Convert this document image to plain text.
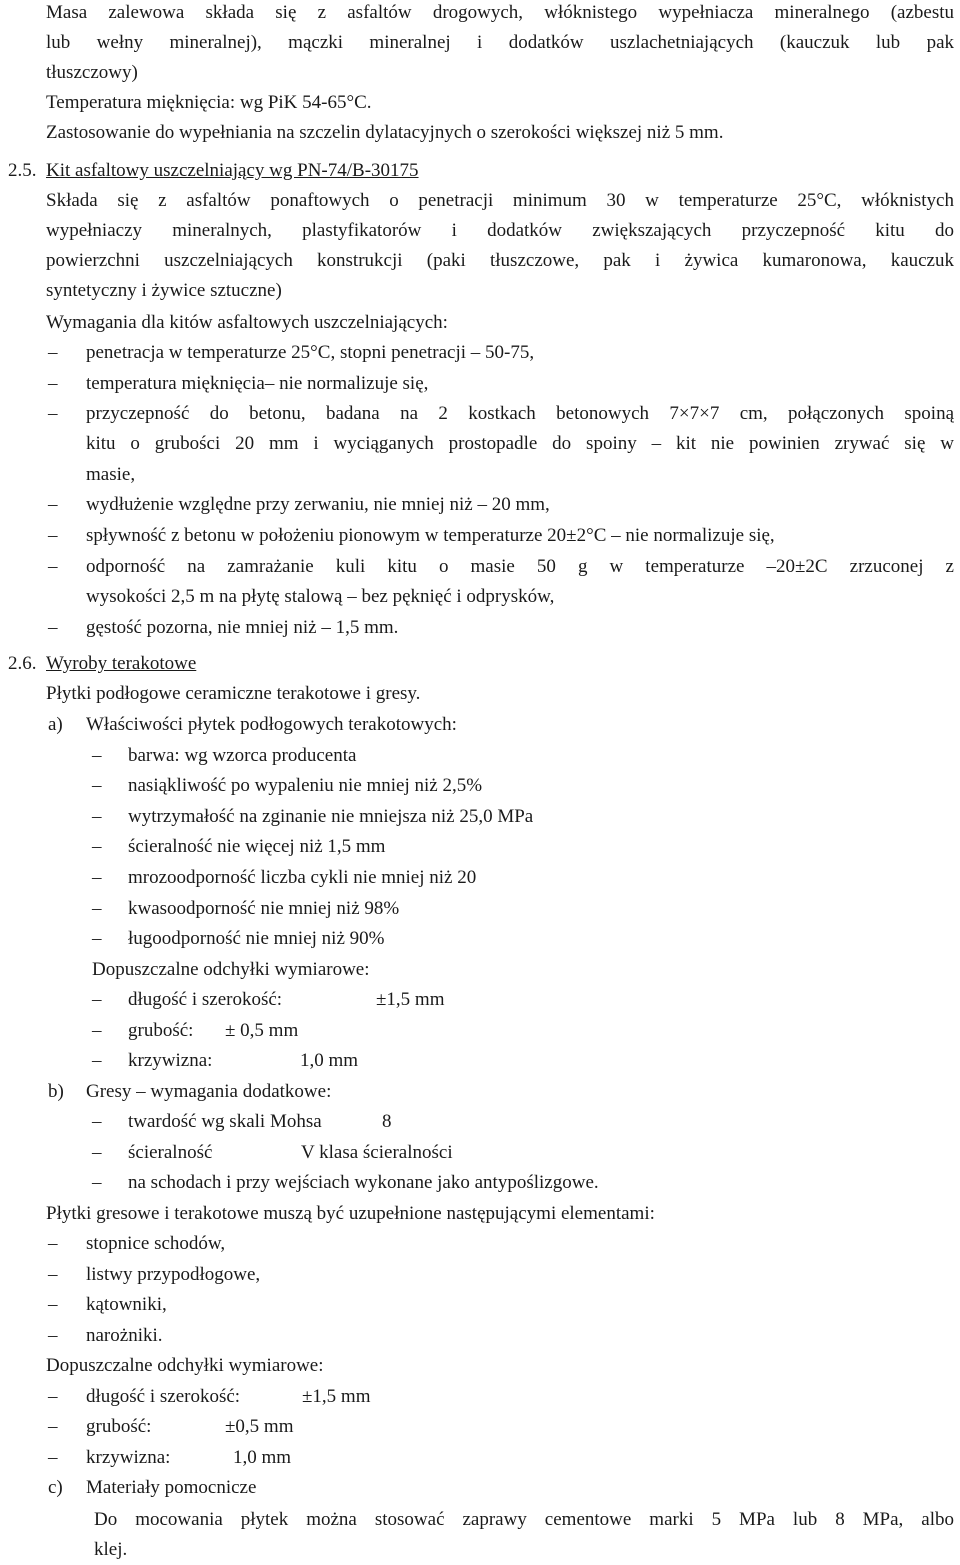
Masa zalewowa składa się z asfaltów drogowych, włóknistego wypełniacza mineralnego (azbestu
lub wełny mineralnej), mączki mineralnej i dodatków uszlachetniających (kauczuk lub pak
tłuszczowy)
Temperatura mięknięcia: wg PiK 54-65°C.
Zastosowanie do wypełniania na szczelin dylatacyjnych o szerokości większej niż 5 mm.
2.5. Kit asfaltowy uszczelniający wg PN-74/B-30175
Składa się z asfaltów ponaftowych o penetracji minimum 30 w temperaturze 25°C, włóknistych
wypełniaczy mineralnych, plastyfikatorów i dodatków zwiększających przyczepność kitu do
powierzchni uszczelniających konstrukcji (paki tłuszczowe, pak i żywica kumaronowa, kauczuk
syntetyczny i żywice sztuczne)
Wymagania dla kitów asfaltowych uszczelniających:
– penetracja w temperaturze 25°C, stopni penetracji – 50-75,
– temperatura mięknięcia– nie normalizuje się,
– przyczepność do betonu, badana na 2 kostkach betonowych 7×7×7 cm, połączonych spoiną
kitu o grubości 20 mm i wyciąganych prostopadle do spoiny – kit nie powinien zrywać się w
masie,
– wydłużenie względne przy zerwaniu, nie mniej niż – 20 mm,
– spływność z betonu w położeniu pionowym w temperaturze 20±2°C – nie normalizuje się,
– odporność na zamrażanie kuli kitu o masie 50 g w temperaturze –20±2C zrzuconej z
wysokości 2,5 m na płytę stalową – bez pęknięć i odprysków,
– gęstość pozorna, nie mniej niż – 1,5 mm.
2.6. Wyroby terakotowe
Płytki podłogowe ceramiczne terakotowe i gresy.
a) Właściwości płytek podłogowych terakotowych:
– barwa: wg wzorca producenta
– nasiąkliwość po wypaleniu nie mniej niż 2,5%
– wytrzymałość na zginanie nie mniejsza niż 25,0 MPa
– ścieralność nie więcej niż 1,5 mm
– mrozoodporność liczba cykli nie mniej niż 20
– kwasoodporność nie mniej niż 98%
– ługoodporność nie mniej niż 90%
Dopuszczalne odchyłki wymiarowe:
– długość i szerokość:	±1,5 mm
– grubość: ± 0,5 mm
– krzywizna:	1,0 mm
b) Gresy – wymagania dodatkowe:
– twardość wg skali Mohsa	8
– ścieralność	V klasa ścieralności
– na schodach i przy wejściach wykonane jako antypoślizgowe.
Płytki gresowe i terakotowe muszą być uzupełnione następującymi elementami:
– stopnice schodów,
– listwy przypodłogowe,
– kątowniki,
– narożniki.
Dopuszczalne odchyłki wymiarowe:
– długość i szerokość:	±1,5 mm
– grubość:	±0,5 mm
– krzywizna:	1,0 mm
c) Materiały pomocnicze
Do mocowania płytek można stosować zaprawy cementowe marki 5 MPa lub 8 MPa, albo
klej.
